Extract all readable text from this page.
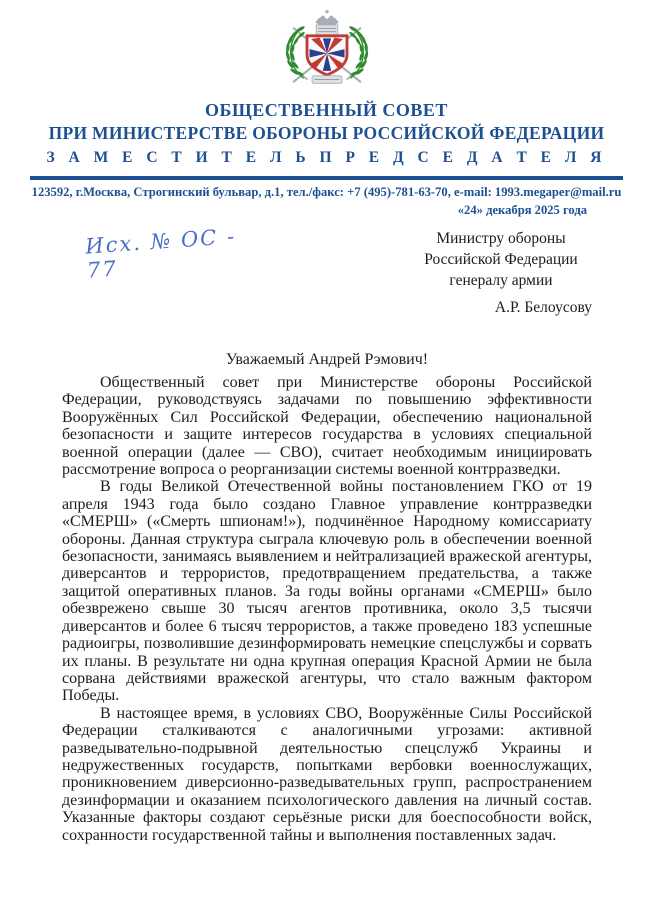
ОБЩЕСТВЕННЫЙ СОВЕТ
ПРИ МИНИСТЕРСТВЕ ОБОРОНЫ РОССИЙСКОЙ ФЕДЕРАЦИИ
З А М Е С Т И Т Е Л Ь П Р Е Д С Е Д А Т Е Л Я
123592, г.Москва, Строгинский бульвар, д.1, тел./факс: +7 (495)-781-63-70, e-mail: 1993.megaper@mail.ru
«24» декабря 2025 года
Исх. № ОС - 77
Министру обороны
Российской Федерации
генералу армии
А.Р. Белоусову
Уважаемый Андрей Рэмович!

Общественный совет при Министерстве обороны Российской Федерации, руководствуясь задачами по повышению эффективности Вооружённых Сил Российской Федерации, обеспечению национальной безопасности и защите интересов государства в условиях специальной военной операции (далее — СВО), считает необходимым инициировать рассмотрение вопроса о реорганизации системы военной контрразведки.

В годы Великой Отечественной войны постановлением ГКО от 19 апреля 1943 года было создано Главное управление контрразведки «СМЕРШ» («Смерть шпионам!»), подчинённое Народному комиссариату обороны. Данная структура сыграла ключевую роль в обеспечении военной безопасности, занимаясь выявлением и нейтрализацией вражеской агентуры, диверсантов и террористов, предотвращением предательства, а также защитой оперативных планов. За годы войны органами «СМЕРШ» было обезврежено свыше 30 тысяч агентов противника, около 3,5 тысячи диверсантов и более 6 тысяч террористов, а также проведено 183 успешные радиоигры, позволившие дезинформировать немецкие спецслужбы и сорвать их планы. В результате ни одна крупная операция Красной Армии не была сорвана действиями вражеской агентуры, что стало важным фактором Победы.

В настоящее время, в условиях СВО, Вооружённые Силы Российской Федерации сталкиваются с аналогичными угрозами: активной разведывательно-подрывной деятельностью спецслужб Украины и недружественных государств, попытками вербовки военнослужащих, проникновением диверсионно-разведывательных групп, распространением дезинформации и оказанием психологического давления на личный состав. Указанные факторы создают серьёзные риски для боеспособности войск, сохранности государственной тайны и выполнения поставленных задач.
